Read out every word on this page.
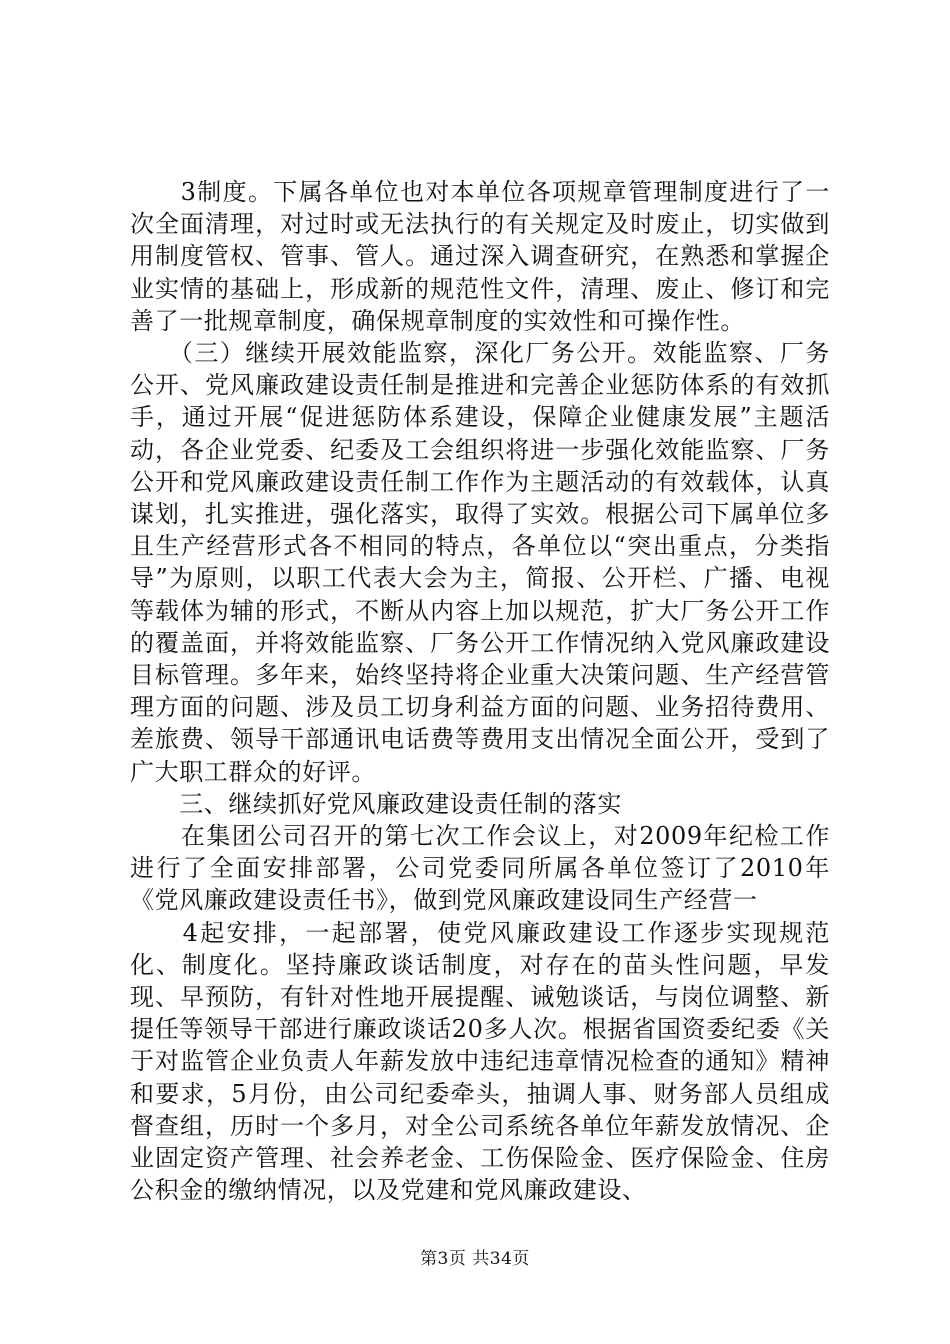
　　3制度。下属各单位也对本单位各项规章管理制度进行了一次全面清理，对过时或无法执行的有关规定及时废止，切实做到用制度管权、管事、管人。通过深入调查研究，在熟悉和掌握企业实情的基础上，形成新的规范性文件，清理、废止、修订和完善了一批规章制度，确保规章制度的实效性和可操作性。

　　（三）继续开展效能监察，深化厂务公开。效能监察、厂务公开、党风廉政建设责任制是推进和完善企业惩防体系的有效抓手，通过开展“促进惩防体系建设，保障企业健康发展”主题活动，各企业党委、纪委及工会组织将进一步强化效能监察、厂务公开和党风廉政建设责任制工作作为主题活动的有效载体，认真谋划，扎实推进，强化落实，取得了实效。根据公司下属单位多且生产经营形式各不相同的特点，各单位以“突出重点，分类指导”为原则，以职工代表大会为主，简报、公开栏、广播、电视等载体为辅的形式，不断从内容上加以规范，扩大厂务公开工作的覆盖面，并将效能监察、厂务公开工作情况纳入党风廉政建设目标管理。多年来，始终坚持将企业重大决策问题、生产经营管理方面的问题、涉及员工切身利益方面的问题、业务招待费用、差旅费、领导干部通讯电话费等费用支出情况全面公开，受到了广大职工群众的好评。

　　三、继续抓好党风廉政建设责任制的落实

　　在集团公司召开的第七次工作会议上，对2009年纪检工作进行了全面安排部署，公司党委同所属各单位签订了2010年《党风廉政建设责任书》，做到党风廉政建设同生产经营一

　　4起安排，一起部署，使党风廉政建设工作逐步实现规范化、制度化。坚持廉政谈话制度，对存在的苗头性问题，早发现、早预防，有针对性地开展提醒、诫勉谈话，与岗位调整、新提任等领导干部进行廉政谈话20多人次。根据省国资委纪委《关于对监管企业负责人年薪发放中违纪违章情况检查的通知》精神和要求，5月份，由公司纪委牵头，抽调人事、财务部人员组成督查组，历时一个多月，对全公司系统各单位年薪发放情况、企业固定资产管理、社会养老金、工伤保险金、医疗保险金、住房公积金的缴纳情况，以及党建和党风廉政建设、

第3页 共34页
